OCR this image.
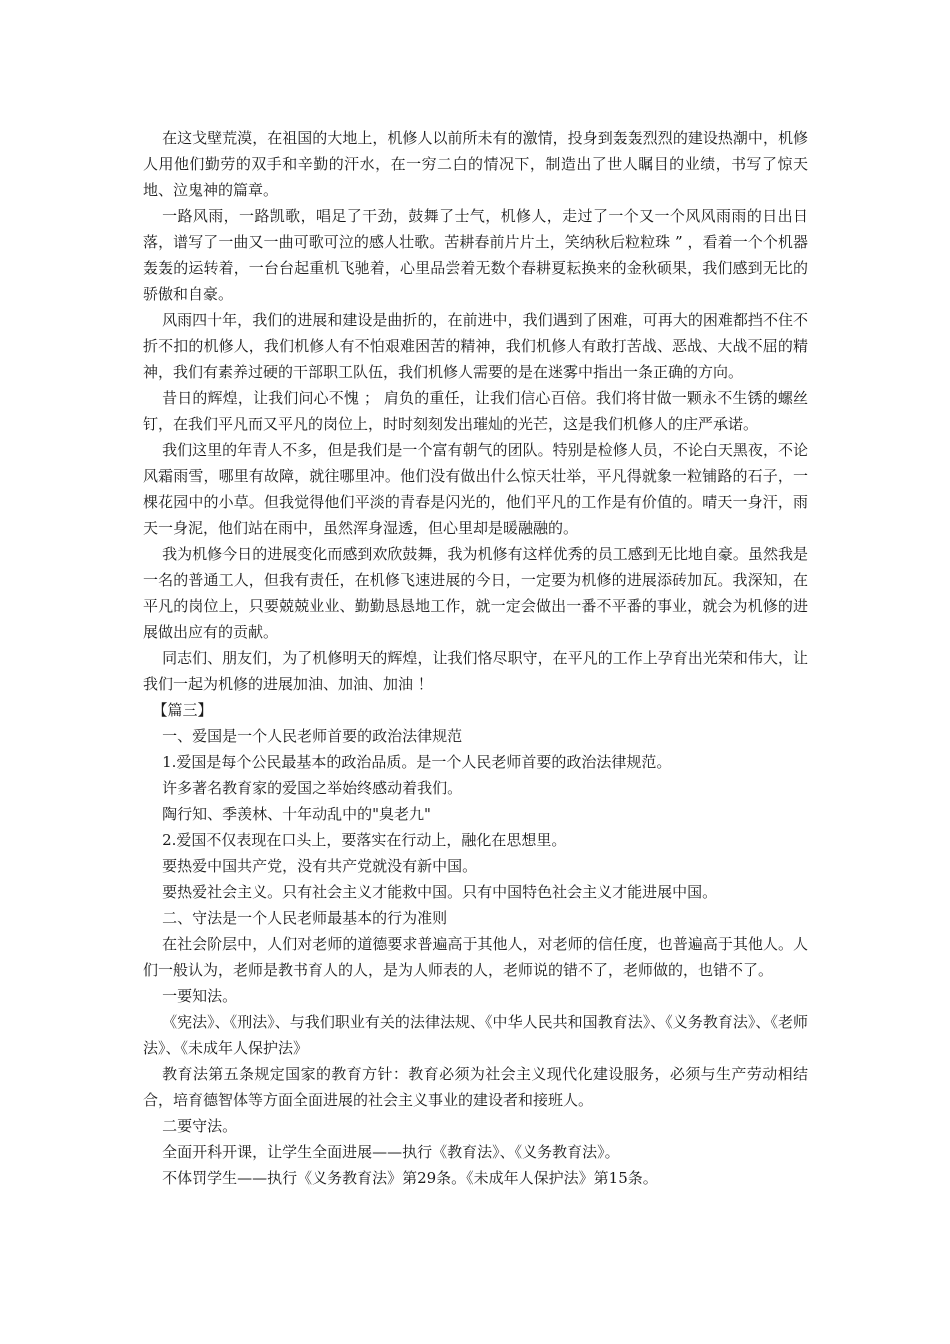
在这戈壁荒漠，在祖国的大地上，机修人以前所未有的激情，投身到轰轰烈烈的建设热潮中，机修人用他们勤劳的双手和辛勤的汗水，在一穷二白的情况下，制造出了世人瞩目的业绩，书写了惊天地、泣鬼神的篇章。

一路风雨，一路凯歌，唱足了干劲，鼓舞了士气，机修人，走过了一个又一个风风雨雨的日出日落，谱写了一曲又一曲可歌可泣的感人壮歌。苦耕春前片片土，笑纳秋后粒粒珠 ” ，看着一个个机器轰轰的运转着，一台台起重机飞驰着，心里品尝着无数个春耕夏耘换来的金秋硕果，我们感到无比的骄傲和自豪。

风雨四十年，我们的进展和建设是曲折的，在前进中，我们遇到了困难，可再大的困难都挡不住不折不扣的机修人，我们机修人有不怕艰难困苦的精神，我们机修人有敢打苦战、恶战、大战不屈的精神，我们有素养过硬的干部职工队伍，我们机修人需要的是在迷雾中指出一条正确的方向。

昔日的辉煌，让我们问心不愧 ； 肩负的重任，让我们信心百倍。我们将甘做一颗永不生锈的螺丝钉，在我们平凡而又平凡的岗位上，时时刻刻发出璀灿的光芒，这是我们机修人的庄严承诺。

我们这里的年青人不多，但是我们是一个富有朝气的团队。特别是检修人员，不论白天黑夜，不论风霜雨雪，哪里有故障，就往哪里冲。他们没有做出什么惊天壮举，平凡得就象一粒铺路的石子，一棵花园中的小草。但我觉得他们平淡的青春是闪光的，他们平凡的工作是有价值的。晴天一身汗，雨天一身泥，他们站在雨中，虽然浑身湿透，但心里却是暖融融的。

我为机修今日的进展变化而感到欢欣鼓舞，我为机修有这样优秀的员工感到无比地自豪。虽然我是一名的普通工人，但我有责任，在机修飞速进展的今日，一定要为机修的进展添砖加瓦。我深知，在平凡的岗位上，只要兢兢业业、勤勤恳恳地工作，就一定会做出一番不平番的事业，就会为机修的进展做出应有的贡献。

同志们、朋友们，为了机修明天的辉煌，让我们恪尽职守，在平凡的工作上孕育出光荣和伟大，让我们一起为机修的进展加油、加油、加油 ！

【篇三】

一、爱国是一个人民老师首要的政治法律规范

1.爱国是每个公民最基本的政治品质。是一个人民老师首要的政治法律规范。

许多著名教育家的爱国之举始终感动着我们。

陶行知、季羡林、十年动乱中的"臭老九"

2.爱国不仅表现在口头上，要落实在行动上，融化在思想里。

要热爱中国共产党，没有共产党就没有新中国。

要热爱社会主义。只有社会主义才能救中国。只有中国特色社会主义才能进展中国。

二、守法是一个人民老师最基本的行为准则

在社会阶层中，人们对老师的道德要求普遍高于其他人，对老师的信任度，也普遍高于其他人。人们一般认为，老师是教书育人的人，是为人师表的人，老师说的错不了，老师做的，也错不了。

一要知法。

《宪法》、《刑法》、与我们职业有关的法律法规、《中华人民共和国教育法》、《义务教育法》、《老师法》、《未成年人保护法》

教育法第五条规定国家的教育方针：教育必须为社会主义现代化建设服务，必须与生产劳动相结合，培育德智体等方面全面进展的社会主义事业的建设者和接班人。

二要守法。

全面开科开课，让学生全面进展——执行《教育法》、《义务教育法》。

不体罚学生——执行《义务教育法》第29条。《未成年人保护法》第15条。
